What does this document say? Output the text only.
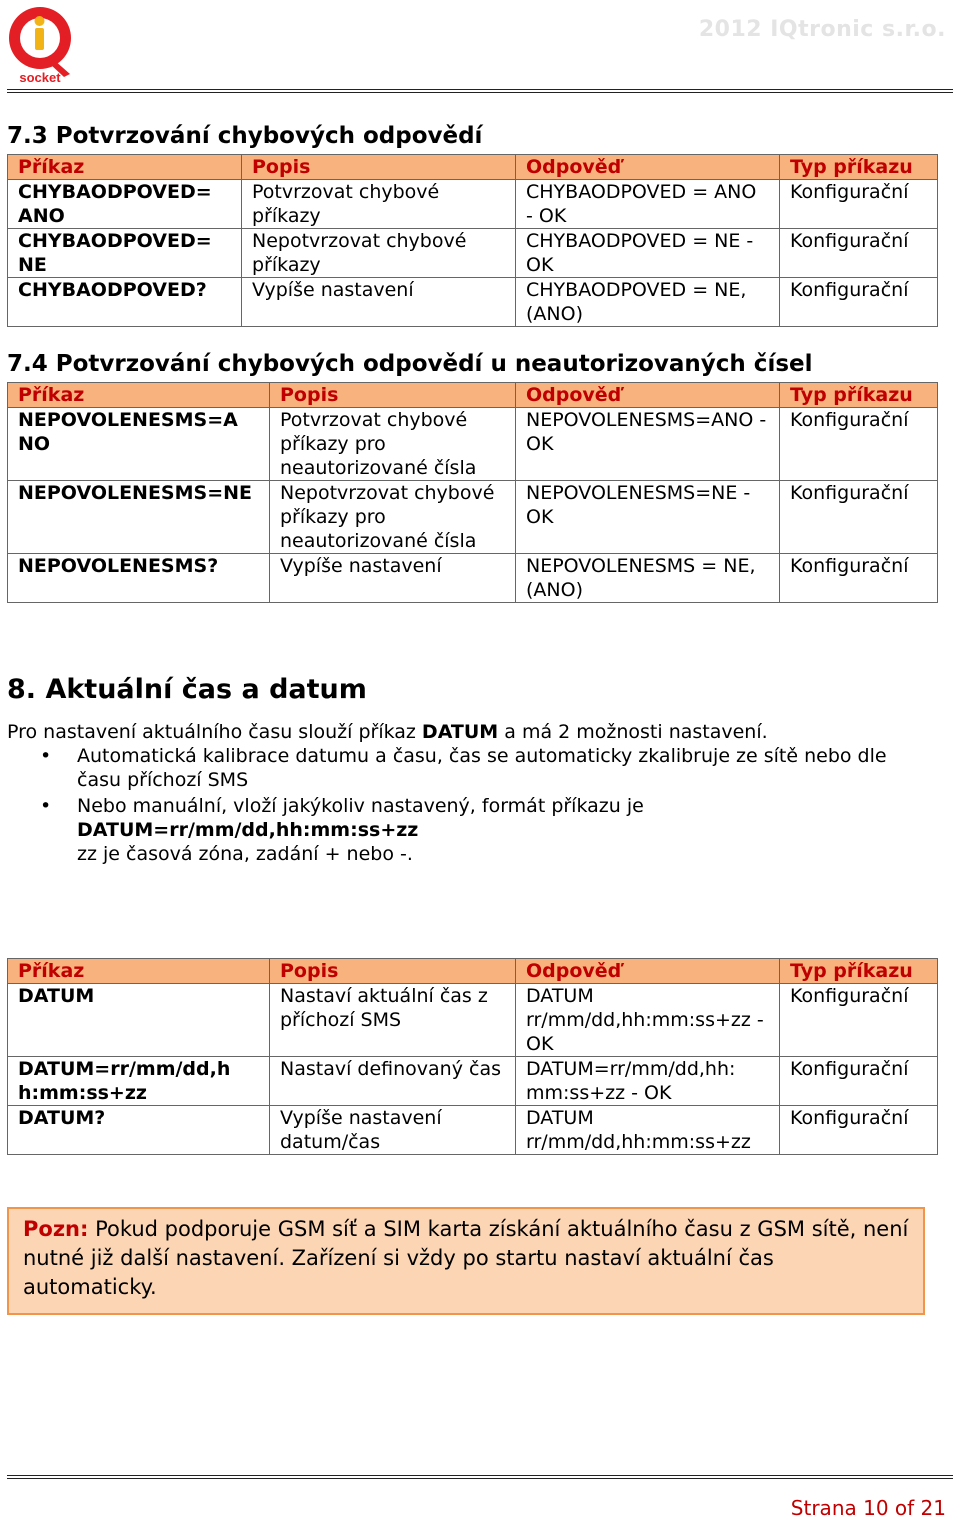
socket
2012 IQtronic s.r.o.
7.3 Potvrzování chybových odpovědí
Příkaz	Popis	Odpověď	Typ příkazu
CHYBAODPOVED= ANO	Potvrzovat chybové příkazy	CHYBAODPOVED = ANO - OK	Konfigurační
CHYBAODPOVED= NE	Nepotvrzovat chybové příkazy	CHYBAODPOVED = NE - OK	Konfigurační
CHYBAODPOVED?	Vypíše nastavení	CHYBAODPOVED = NE,(ANO)	Konfigurační
7.4 Potvrzování chybových odpovědí u neautorizovaných čísel
Příkaz	Popis	Odpověď	Typ příkazu
NEPOVOLENESMS=A NO	Potvrzovat chybové příkazy pro neautorizované čísla	NEPOVOLENESMS=ANO - OK	Konfigurační
NEPOVOLENESMS=NE	Nepotvrzovat chybové příkazy pro neautorizované čísla	NEPOVOLENESMS=NE - OK	Konfigurační
NEPOVOLENESMS?	Vypíše nastavení	NEPOVOLENESMS = NE,(ANO)	Konfigurační
8. Aktuální čas a datum
Pro nastavení aktuálního času slouží příkaz DATUM a má 2 možnosti nastavení.
• Automatická kalibrace datumu a času, čas se automaticky zkalibruje ze sítě nebo dle času příchozí SMS
• Nebo manuální, vloží jakýkoliv nastavený, formát příkazu je
DATUM=rr/mm/dd,hh:mm:ss+zz
zz je časová zóna, zadání + nebo -.
Příkaz	Popis	Odpověď	Typ příkazu
DATUM	Nastaví aktuální čas z příchozí SMS	DATUM rr/mm/dd,hh:mm:ss+zz - OK	Konfigurační
DATUM=rr/mm/dd,h h:mm:ss+zz	Nastaví definovaný čas	DATUM=rr/mm/dd,hh: mm:ss+zz - OK	Konfigurační
DATUM?	Vypíše nastavení datum/čas	DATUM rr/mm/dd,hh:mm:ss+zz	Konfigurační
Pozn: Pokud podporuje GSM síť a SIM karta získání aktuálního času z GSM sítě, není nutné již další nastavení. Zařízení si vždy po startu nastaví aktuální čas automaticky.
Strana 10 of 21
